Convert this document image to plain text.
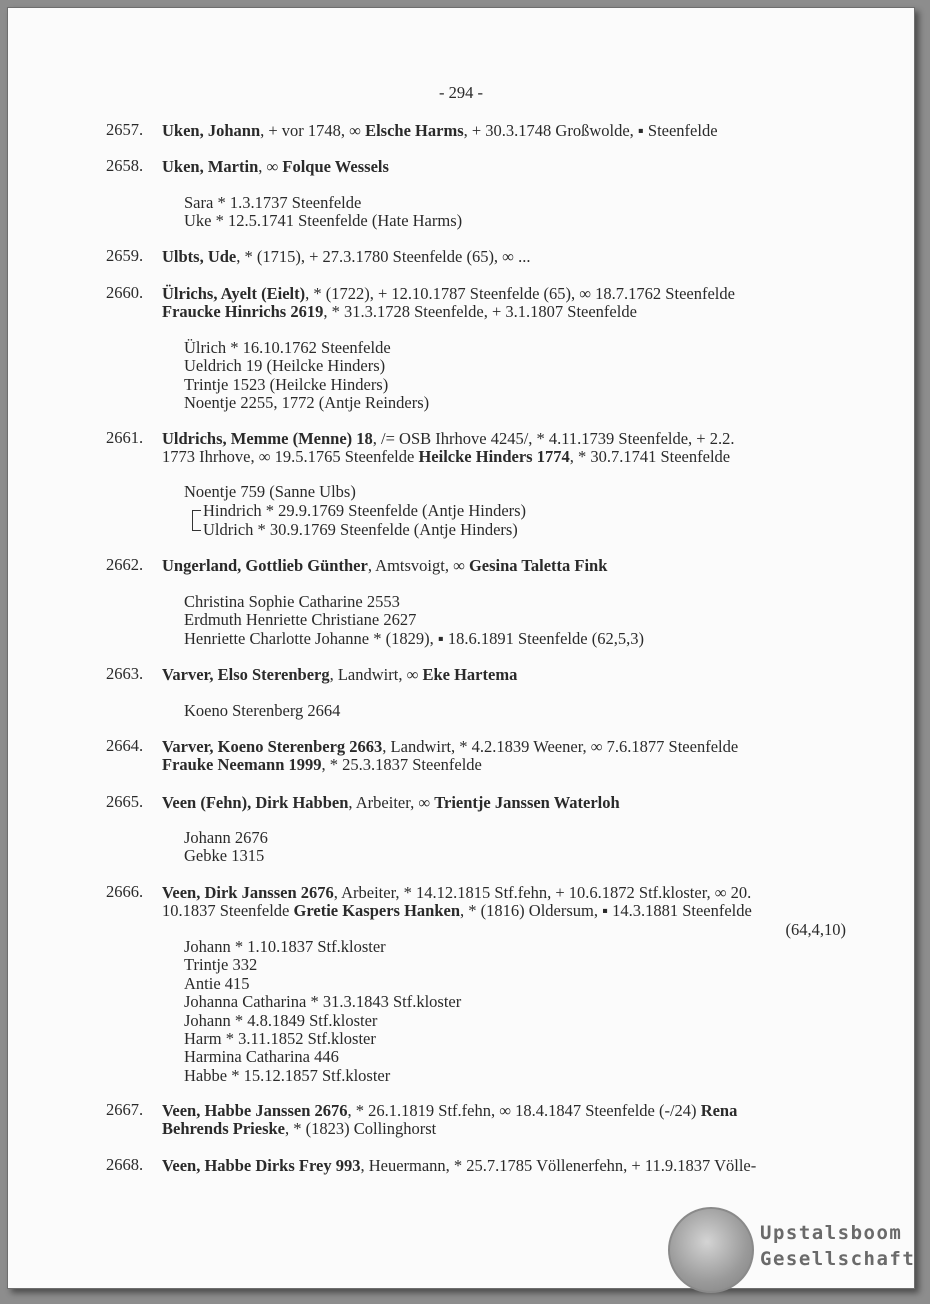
- 294 -
2657. Uken, Johann, + vor 1748, ∞ Elsche Harms, + 30.3.1748 Großwolde, ▪ Steenfelde
2658. Uken, Martin, ∞ Folque Wessels
Sara * 1.3.1737 Steenfelde
Uke * 12.5.1741 Steenfelde (Hate Harms)
2659. Ulbts, Ude, * (1715), + 27.3.1780 Steenfelde (65), ∞ ...
2660. Ülrichs, Ayelt (Eielt), * (1722), + 12.10.1787 Steenfelde (65), ∞ 18.7.1762 Steenfelde
Fraucke Hinrichs 2619, * 31.3.1728 Steenfelde, + 3.1.1807 Steenfelde
Ülrich * 16.10.1762 Steenfelde
Ueldrich 19 (Heilcke Hinders)
Trintje 1523 (Heilcke Hinders)
Noentje 2255, 1772 (Antje Reinders)
2661. Uldrichs, Memme (Menne) 18, /= OSB Ihrhove 4245/, * 4.11.1739 Steenfelde, + 2.2.
1773 Ihrhove, ∞ 19.5.1765 Steenfelde Heilcke Hinders 1774, * 30.7.1741 Steenfelde
Noentje 759 (Sanne Ulbs)
Hindrich * 29.9.1769 Steenfelde (Antje Hinders)
Uldrich * 30.9.1769 Steenfelde (Antje Hinders)
2662. Ungerland, Gottlieb Günther, Amtsvoigt, ∞ Gesina Taletta Fink
Christina Sophie Catharine 2553
Erdmuth Henriette Christiane 2627
Henriette Charlotte Johanne * (1829), ▪ 18.6.1891 Steenfelde (62,5,3)
2663. Varver, Elso Sterenberg, Landwirt, ∞ Eke Hartema
Koeno Sterenberg 2664
2664. Varver, Koeno Sterenberg 2663, Landwirt, * 4.2.1839 Weener, ∞ 7.6.1877 Steenfelde
Frauke Neemann 1999, * 25.3.1837 Steenfelde
2665. Veen (Fehn), Dirk Habben, Arbeiter, ∞ Trientje Janssen Waterloh
Johann 2676
Gebke 1315
2666. Veen, Dirk Janssen 2676, Arbeiter, * 14.12.1815 Stf.fehn, + 10.6.1872 Stf.kloster, ∞ 20.
10.1837 Steenfelde Gretie Kaspers Hanken, * (1816) Oldersum, ▪ 14.3.1881 Steenfelde
(64,4,10)
Johann * 1.10.1837 Stf.kloster
Trintje 332
Antie 415
Johanna Catharina * 31.3.1843 Stf.kloster
Johann * 4.8.1849 Stf.kloster
Harm * 3.11.1852 Stf.kloster
Harmina Catharina 446
Habbe * 15.12.1857 Stf.kloster
2667. Veen, Habbe Janssen 2676, * 26.1.1819 Stf.fehn, ∞ 18.4.1847 Steenfelde (-/24) Rena
Behrends Prieske, * (1823) Collinghorst
2668. Veen, Habbe Dirks Frey 993, Heuermann, * 25.7.1785 Völlenerfehn, + 11.9.1837 Völle-
Upstalsboom
Gesellschaft
